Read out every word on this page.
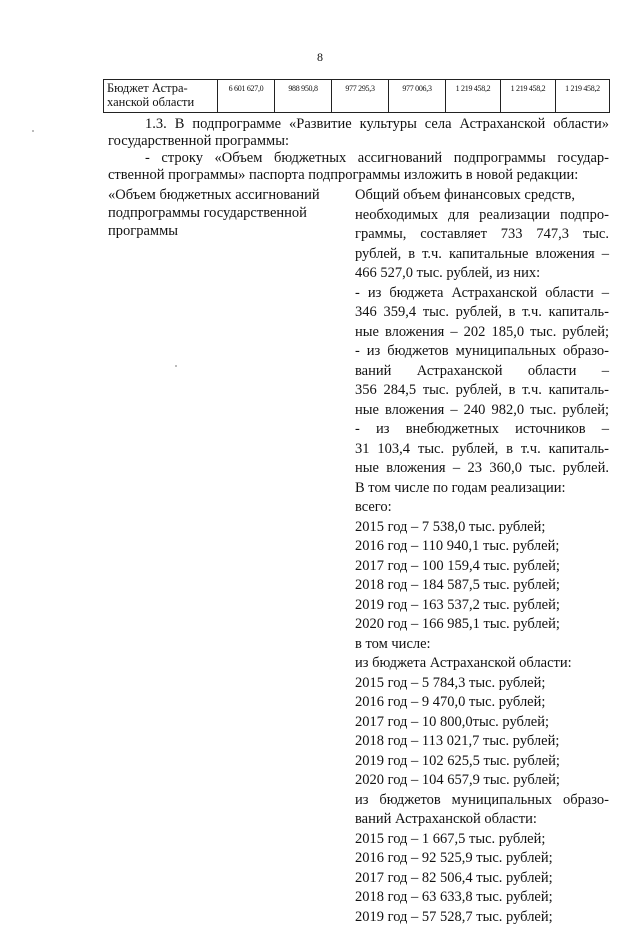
8
Бюджет Астра-
ханской области
	6 601 627,0	988 950,8	977 295,3	977 006,3	1 219 458,2	1 219 458,2	1 219 458,2
1.3. В подпрограмме «Развитие культуры села Астраханской области»
государственной программы:
- строку «Объем бюджетных ассигнований подпрограммы государ-
ственной программы» паспорта подпрограммы изложить в новой редакции:
«Объем бюджетных ассигнований
подпрограммы государственной
программы
Общий объем финансовых средств,
необходимых для реализации подпро-
граммы, составляет 733 747,3 тыс.
рублей, в т.ч. капитальные вложения –
466 527,0 тыс. рублей, из них:
- из бюджета Астраханской области –
346 359,4 тыс. рублей, в т.ч. капиталь-
ные вложения – 202 185,0 тыс. рублей;
- из бюджетов муниципальных образо-
ваний Астраханской области –
356 284,5 тыс. рублей, в т.ч. капиталь-
ные вложения – 240 982,0 тыс. рублей;
- из внебюджетных источников –
31 103,4 тыс. рублей, в т.ч. капиталь-
ные вложения – 23 360,0 тыс. рублей.
В том числе по годам реализации:
всего:
2015 год – 7 538,0 тыс. рублей;
2016 год – 110 940,1 тыс. рублей;
2017 год – 100 159,4 тыс. рублей;
2018 год – 184 587,5 тыс. рублей;
2019 год – 163 537,2 тыс. рублей;
2020 год – 166 985,1 тыс. рублей;
в том числе:
из бюджета Астраханской области:
2015 год – 5 784,3 тыс. рублей;
2016 год – 9 470,0 тыс. рублей;
2017 год – 10 800,0тыс. рублей;
2018 год – 113 021,7 тыс. рублей;
2019 год – 102 625,5 тыс. рублей;
2020 год – 104 657,9 тыс. рублей;
из бюджетов муниципальных образо-
ваний Астраханской области:
2015 год – 1 667,5 тыс. рублей;
2016 год – 92 525,9 тыс. рублей;
2017 год – 82 506,4 тыс. рублей;
2018 год – 63 633,8 тыс. рублей;
2019 год – 57 528,7 тыс. рублей;
